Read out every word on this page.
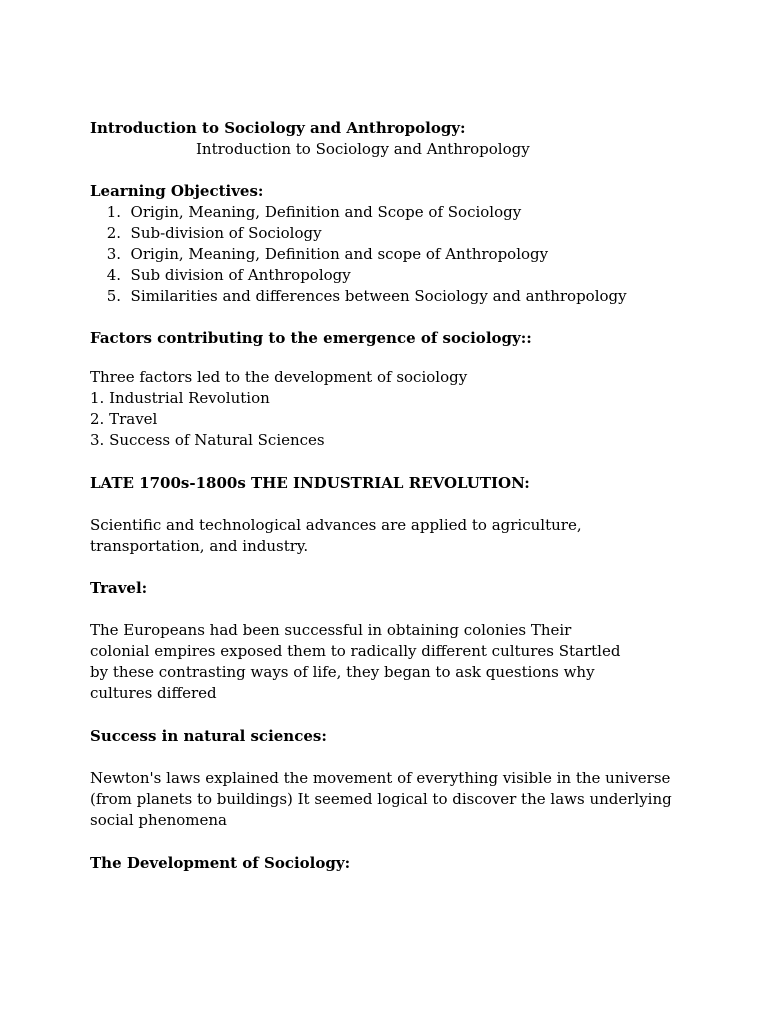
Introduction to Sociology and Anthropology:

Introduction to Sociology and Anthropology

Learning Objectives:

1. Origin, Meaning, Definition and Scope of Sociology
2. Sub-division of Sociology
3. Origin, Meaning, Definition and scope of Anthropology
4. Sub division of Anthropology
5. Similarities and differences between Sociology and anthropology

Factors contributing to the emergence of sociology::

Three factors led to the development of sociology
1. Industrial Revolution
2. Travel
3. Success of Natural Sciences

LATE 1700s-1800s THE INDUSTRIAL REVOLUTION:

Scientific and technological advances are applied to agriculture, transportation, and industry.

Travel:

The Europeans had been successful in obtaining colonies Their colonial empires exposed them to radically different cultures Startled by these contrasting ways of life, they began to ask questions why cultures differed

Success in natural sciences:

Newton's laws explained the movement of everything visible in the universe (from planets to buildings) It seemed logical to discover the laws underlying social phenomena

The Development of Sociology:
